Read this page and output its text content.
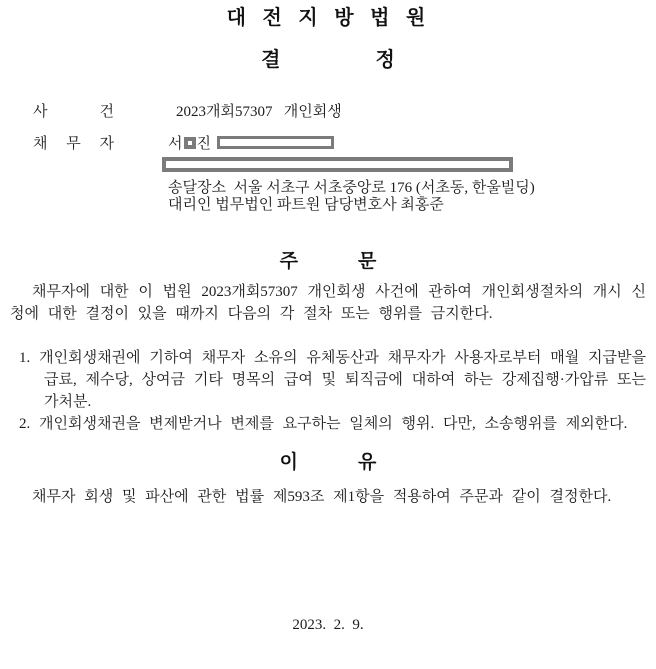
대 전 지 방 법 원
결	정
사	건	2023개회57307   개인회생
채 무 자	서 진
송달장소  서울 서초구 서초중앙로 176 (서초동, 한울빌딩)
대리인 법무법인 파트원 담당변호사 최홍준
주	문
채무자에 대한 이 법원 2023개회57307 개인회생 사건에 관하여 개인회생절차의 개시 신청에 대한 결정이 있을 때까지 다음의 각 절차 또는 행위를 금지한다.
1. 개인회생채권에 기하여 채무자 소유의 유체동산과 채무자가 사용자로부터 매월 지급받을 급료, 제수당, 상여금 기타 명목의 급여 및 퇴직금에 대하여 하는 강제집행·가압류 또는 가처분.
2. 개인회생채권을 변제받거나 변제를 요구하는 일체의 행위. 다만, 소송행위를 제외한다.
이	유
채무자 회생 및 파산에 관한 법률 제593조 제1항을 적용하여 주문과 같이 결정한다.
2023.  2.  9.
